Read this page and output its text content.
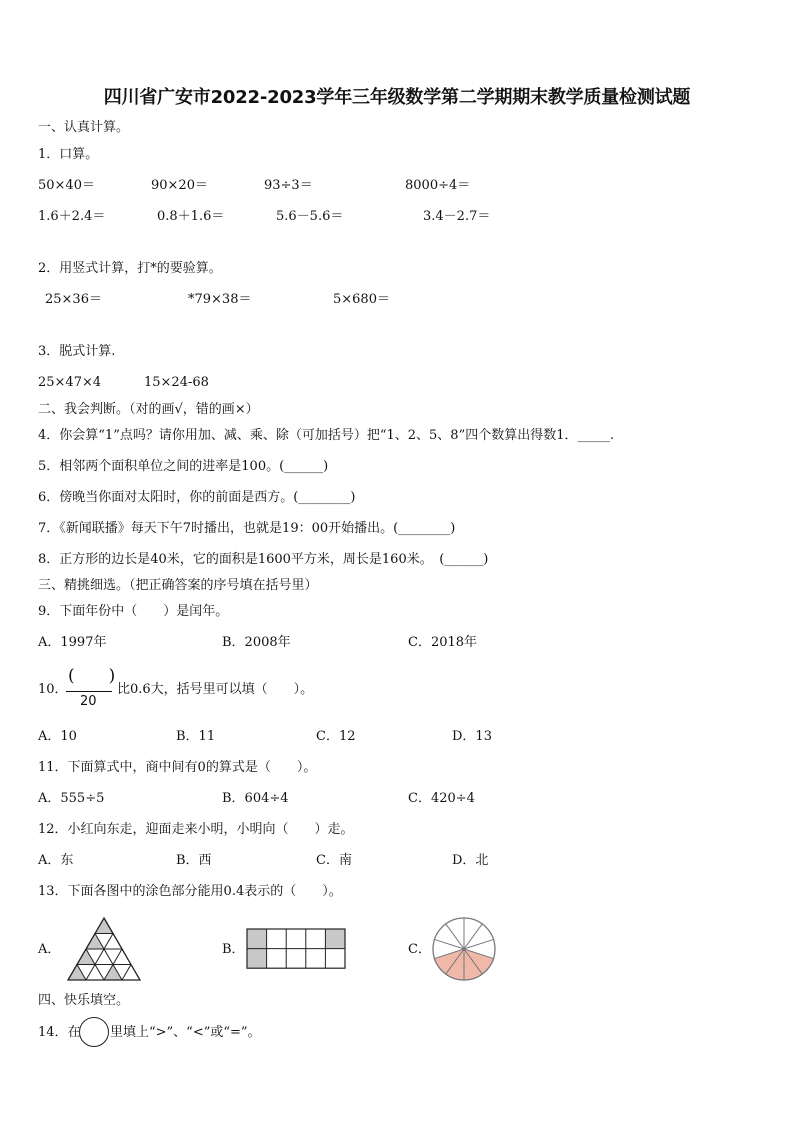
四川省广安市2022-2023学年三年级数学第二学期期末教学质量检测试题
一、认真计算。
1．口算。
50×40＝	90×20＝	93÷3＝	8000÷4＝
1.6＋2.4＝	0.8＋1.6＝	5.6－5.6＝	3.4－2.7＝
2．用竖式计算，打*的要验算。
25×36＝	*79×38＝	5×680＝
3．脱式计算.
25×47×4	15×24-68
二、我会判断。（对的画√，错的画×）
4．你会算“1”点吗？请你用加、减、乘、除（可加括号）把“1、2、5、8”四个数算出得数1．_____.
5．相邻两个面积单位之间的进率是100。(______)
6．傍晚当你面对太阳时，你的前面是西方。(________)
7．《新闻联播》每天下午7时播出，也就是19：00开始播出。(________)
8．正方形的边长是40米，它的面积是1600平方米，周长是160米。　(______)
三、精挑细选。（把正确答案的序号填在括号里）
9．下面年份中（　　）是闰年。
A．1997年	B．2008年	C．2018年
10．
(　　)
20
比0.6大，括号里可以填（　　）。
A．10	B．11	C．12	D．13
11．下面算式中，商中间有0的算式是（　　）。
A．555÷5	B．604÷4	C．420÷4
12．小红向东走，迎面走来小明，小明向（　　）走。
A．东	B．西	C．南	D．北
13．下面各图中的涂色部分能用0.4表示的（　　）。
A．	B．	C．
四、快乐填空。
14．在 里填上“>”、“<”或“=”。
